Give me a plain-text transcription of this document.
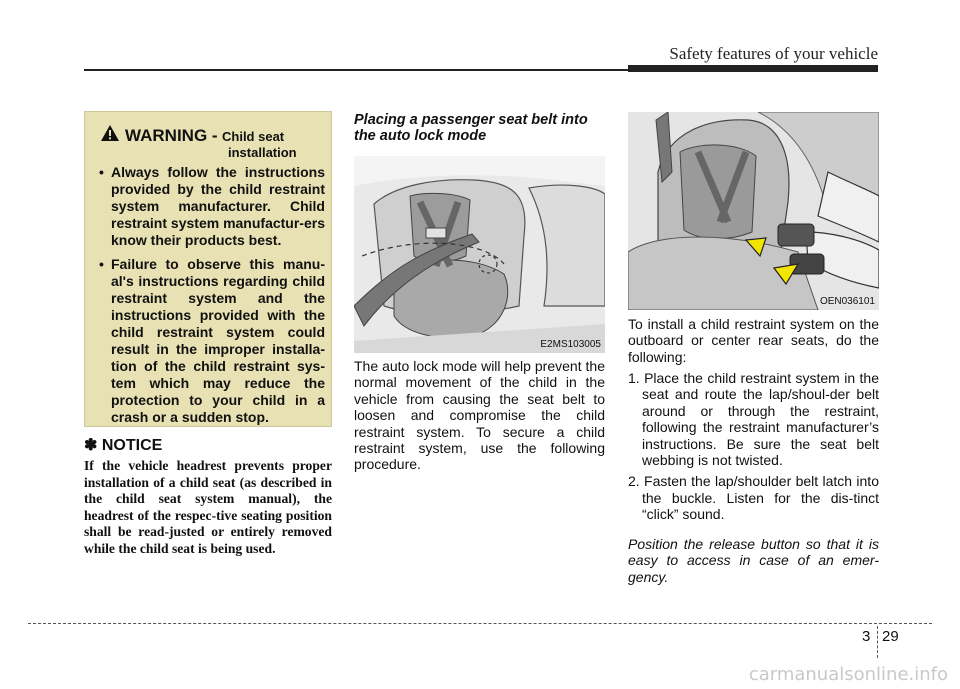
Safety features of your vehicle
WARNING - Child seat
installation
• Always follow the instructions provided by the child restraint system manufacturer. Child restraint system manufactur-ers know their products best.
• Failure to observe this manu-al's instructions regarding child restraint system and the instructions provided with the child restraint system could result in the improper installa-tion of the child restraint sys-tem which may reduce the protection to your child in a crash or a sudden stop.
✽ NOTICE

If the vehicle headrest prevents proper installation of a child seat (as described in the child seat system manual), the headrest of the respec-tive seating position shall be read-justed or entirely removed while the child seat is being used.

Placing a passenger seat belt into the auto lock mode

E2MS103005

The auto lock mode will help prevent the normal movement of the child in the vehicle from causing the seat belt to loosen and compromise the child restraint system. To secure a child restraint system, use the following procedure.

OEN036101

To install a child restraint system on the outboard or center rear seats, do the following:

1. Place the child restraint system in the seat and route the lap/shoul-der belt around or through the restraint, following the restraint manufacturer’s instructions. Be sure the seat belt webbing is not twisted.
2. Fasten the lap/shoulder belt latch into the buckle. Listen for the dis-tinct “click” sound.

Position the release button so that it is easy to access in case of an emer-gency.

3 29
carmanualsonline.info
